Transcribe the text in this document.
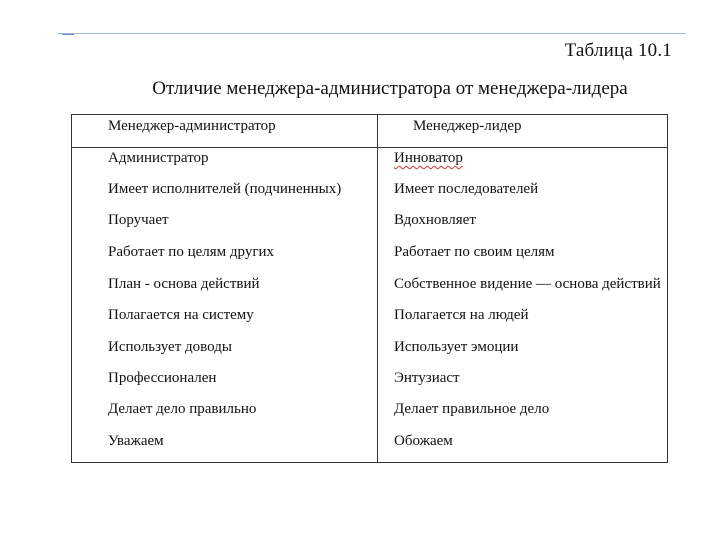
Таблица 10.1
Отличие менеджера-администратора от менеджера-лидера
Менеджер-администратор	Менеджер-лидер
Администратор	Инноватор
Имеет исполнителей (подчиненных)	Имеет последователей
Поручает	Вдохновляет
Работает по целям других	Работает по своим целям
План - основа действий	Собственное видение — основа действий
Полагается на систему	Полагается на людей
Использует доводы	Использует эмоции
Профессионален	Энтузиаст
Делает дело правильно	Делает правильное дело
Уважаем	Обожаем
